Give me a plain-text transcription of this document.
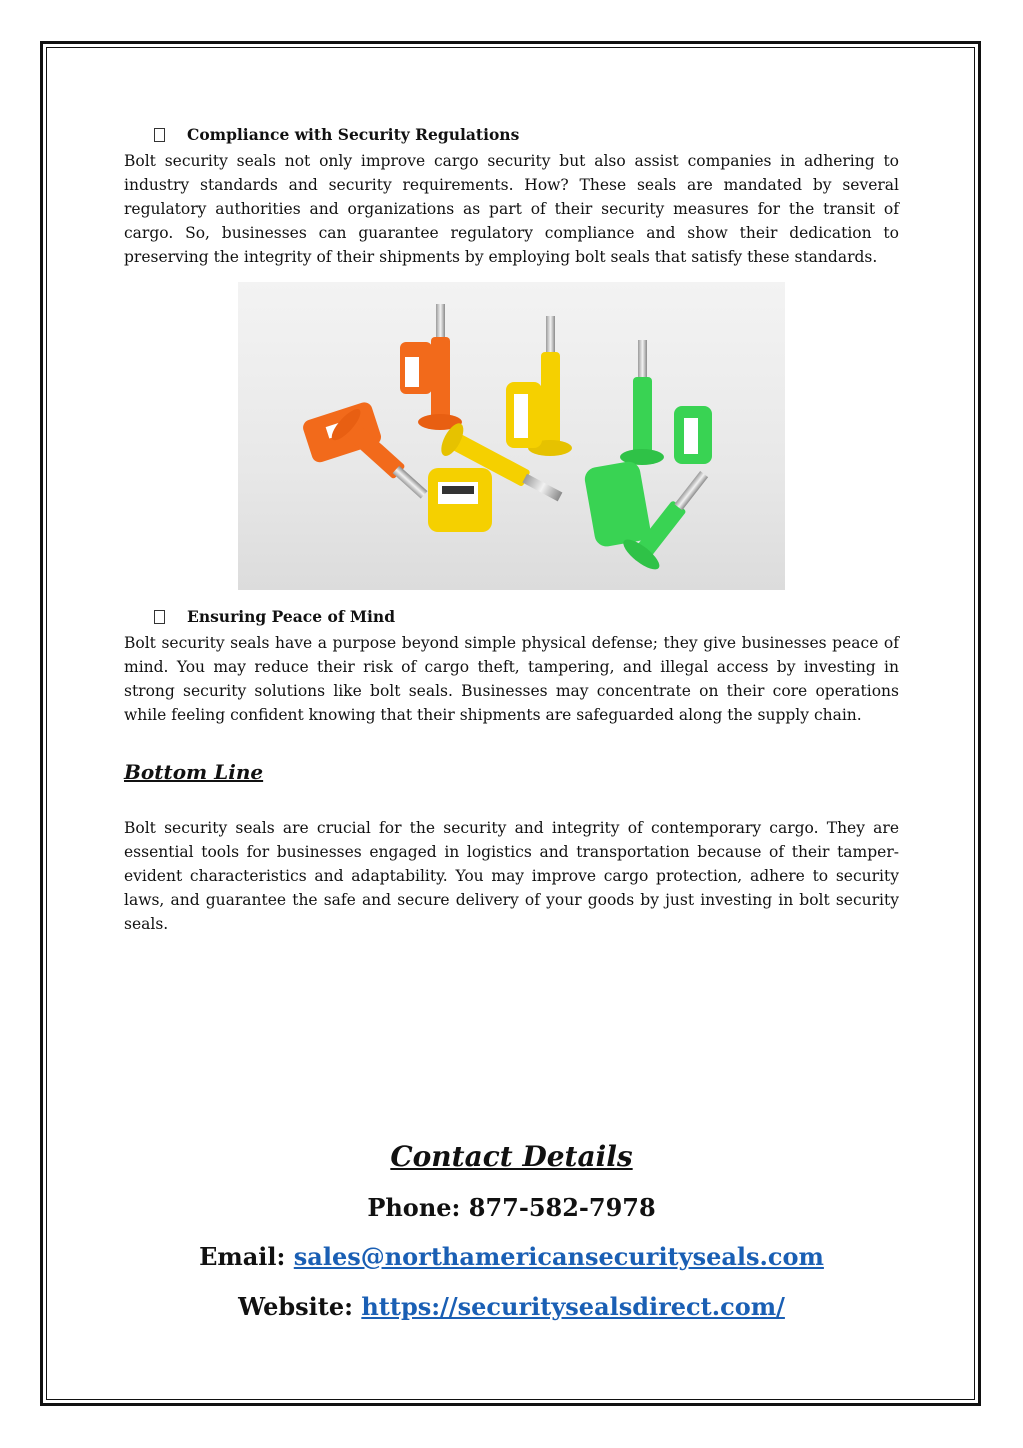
Compliance with Security Regulations
Bolt security seals not only improve cargo security but also assist companies in adhering to industry standards and security requirements. How? These seals are mandated by several regulatory authorities and organizations as part of their security measures for the transit of cargo. So, businesses can guarantee regulatory compliance and show their dedication to preserving the integrity of their shipments by employing bolt seals that satisfy these standards.
Ensuring Peace of Mind
Bolt security seals have a purpose beyond simple physical defense; they give businesses peace of mind. You may reduce their risk of cargo theft, tampering, and illegal access by investing in strong security solutions like bolt seals. Businesses may concentrate on their core operations while feeling confident knowing that their shipments are safeguarded along the supply chain.
Bottom Line
Bolt security seals are crucial for the security and integrity of contemporary cargo. They are essential tools for businesses engaged in logistics and transportation because of their tamper-evident characteristics and adaptability. You may improve cargo protection, adhere to security laws, and guarantee the safe and secure delivery of your goods by just investing in bolt security seals.
Contact Details
Phone: 877-582-7978
Email: sales@northamericansecurityseals.com
Website: https://securitysealsdirect.com/
